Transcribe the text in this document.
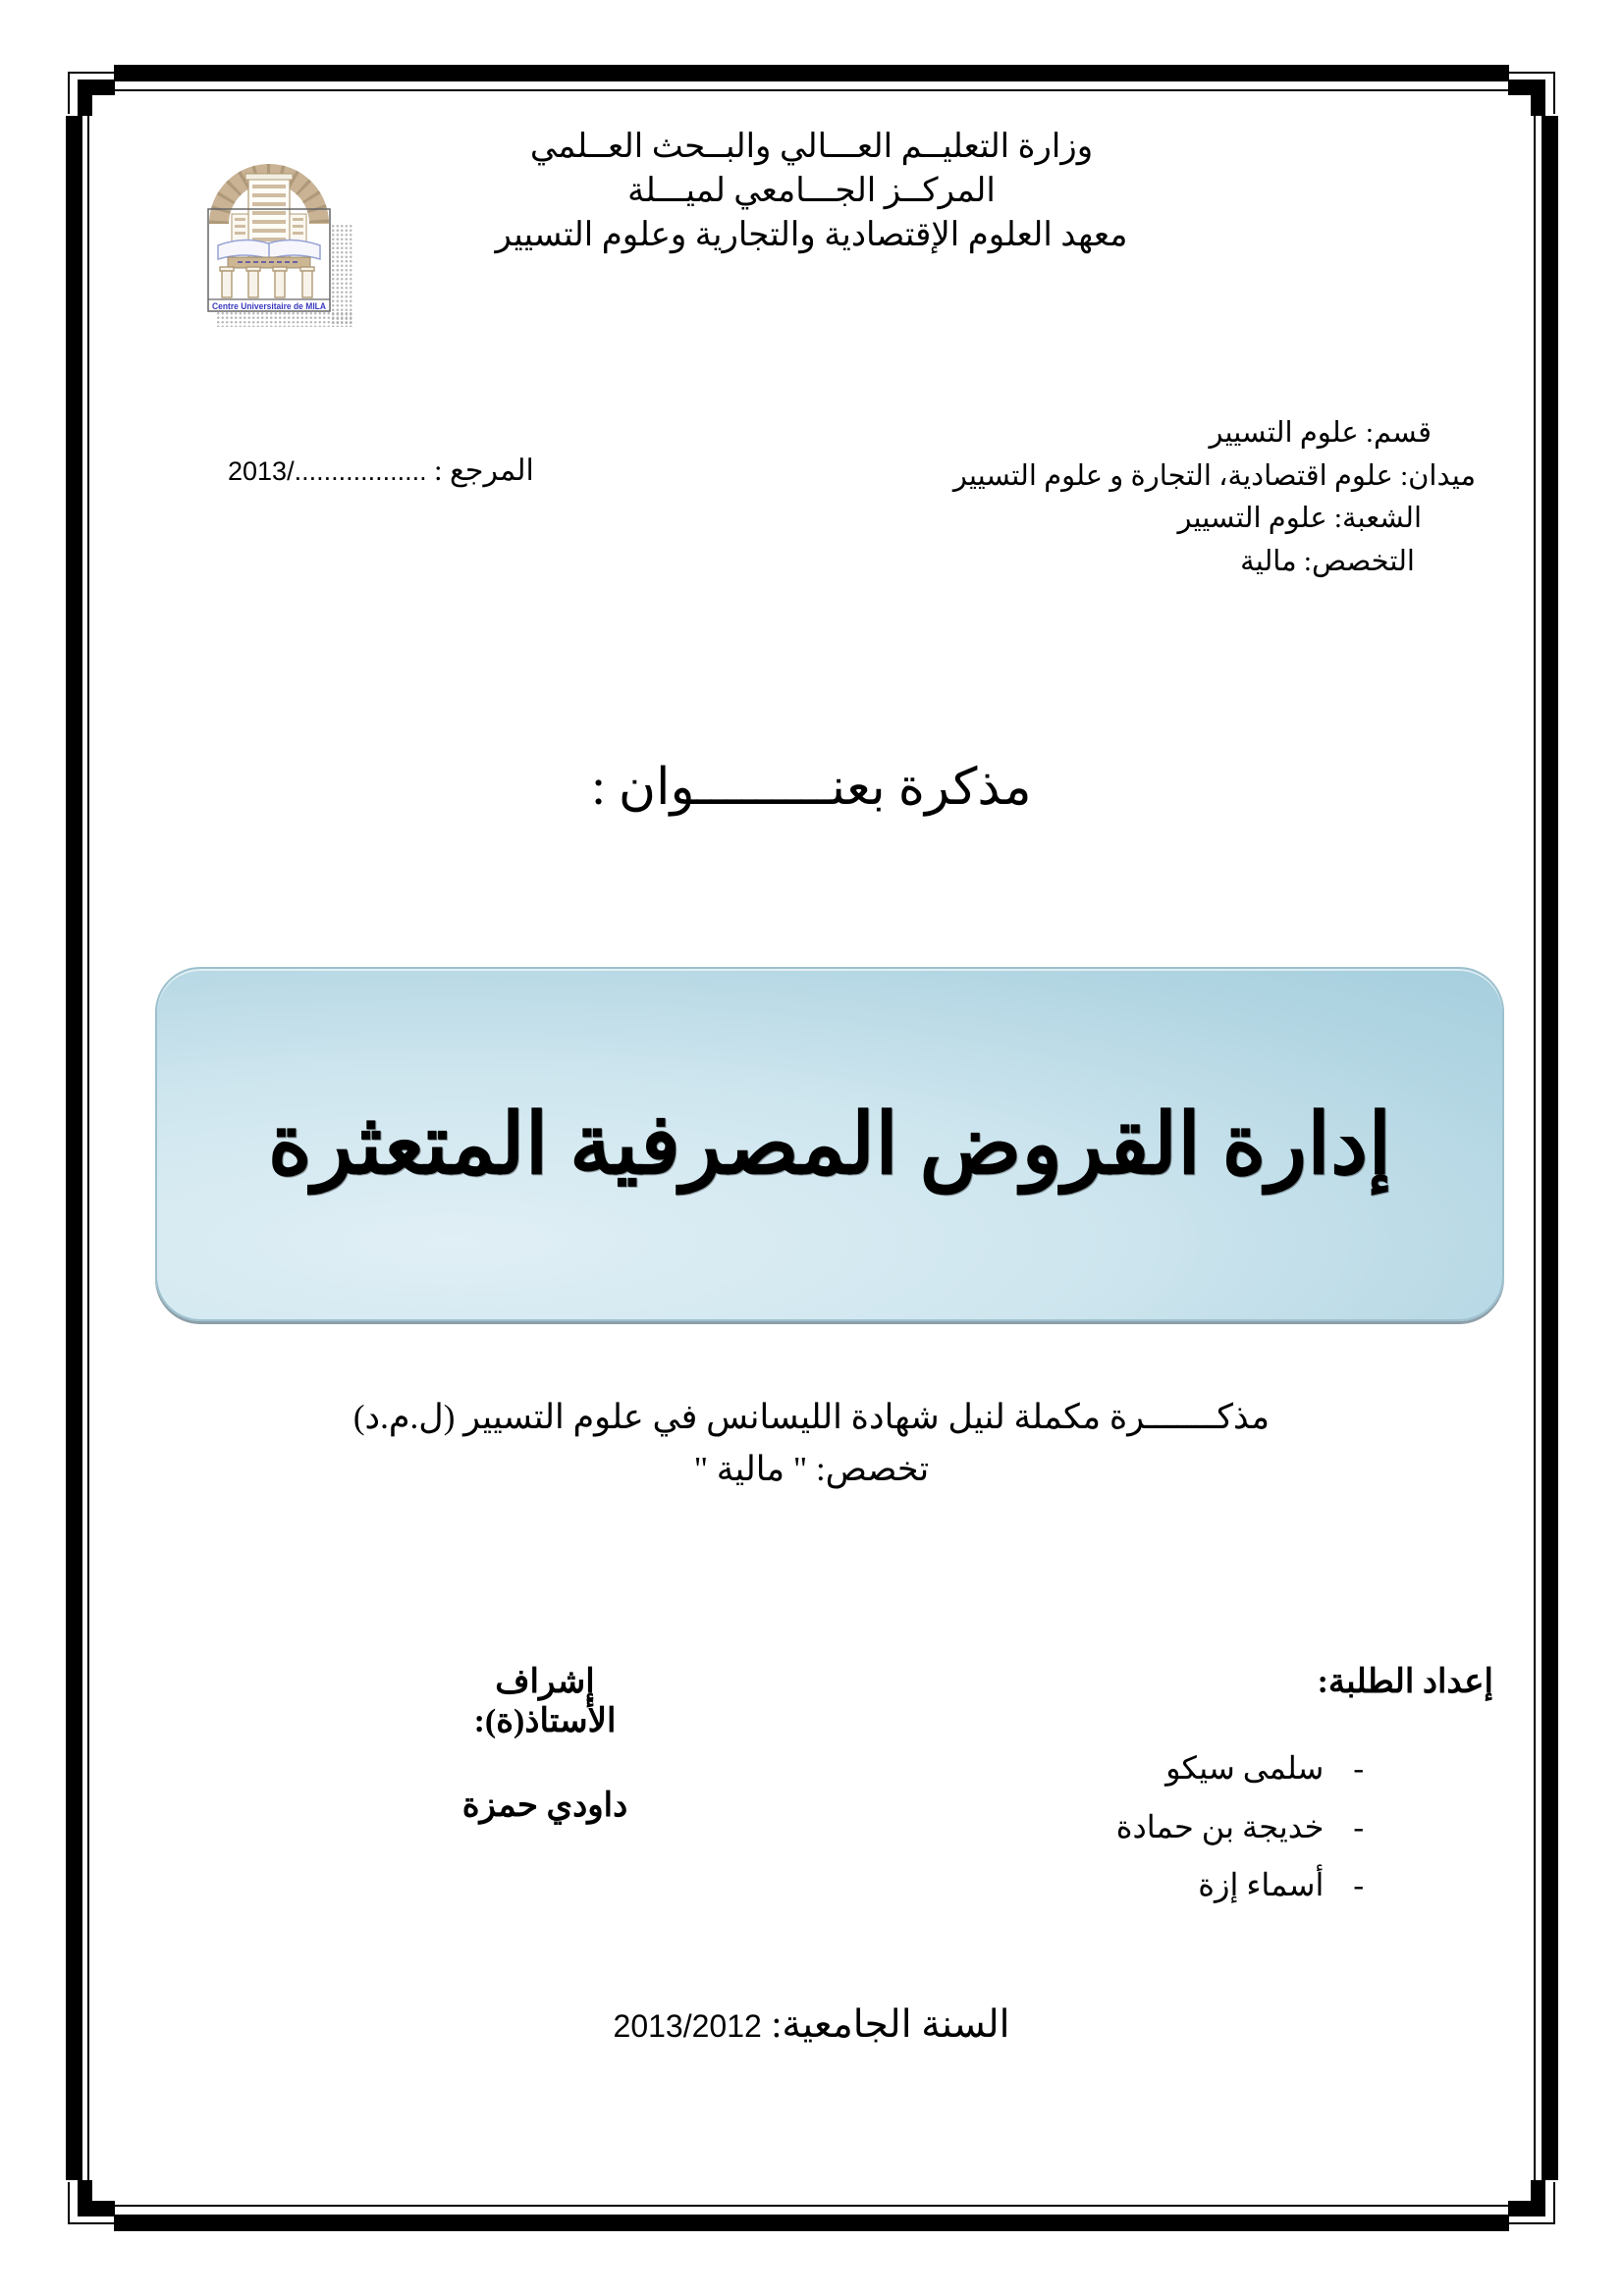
Centre Universitaire de MILA
وزارة التعليــم العـــالي والبــحث العــلمي
المركــز الجـــامعي لميـــلة
معهد العلوم الإقتصادية والتجارية وعلوم التسيير
قسم: علوم التسيير
ميدان: علوم اقتصادية، التجارة و علوم التسيير
الشعبة: علوم التسيير
التخصص: مالية
المرجع : ................../2013
مذكرة بعنـــــــــوان :
إدارة القروض المصرفية المتعثرة
مذكـــــــرة مكملة لنيل شهادة الليسانس في علوم التسيير (ل.م.د)
تخصص: " مالية "
إعداد الطلبة:
-سلمى سيكو
-خديجة بن حمادة
-أسماء إزة
إشراف الأستاذ(ة):
داودي حمزة
السنة الجامعية: 2013/2012
